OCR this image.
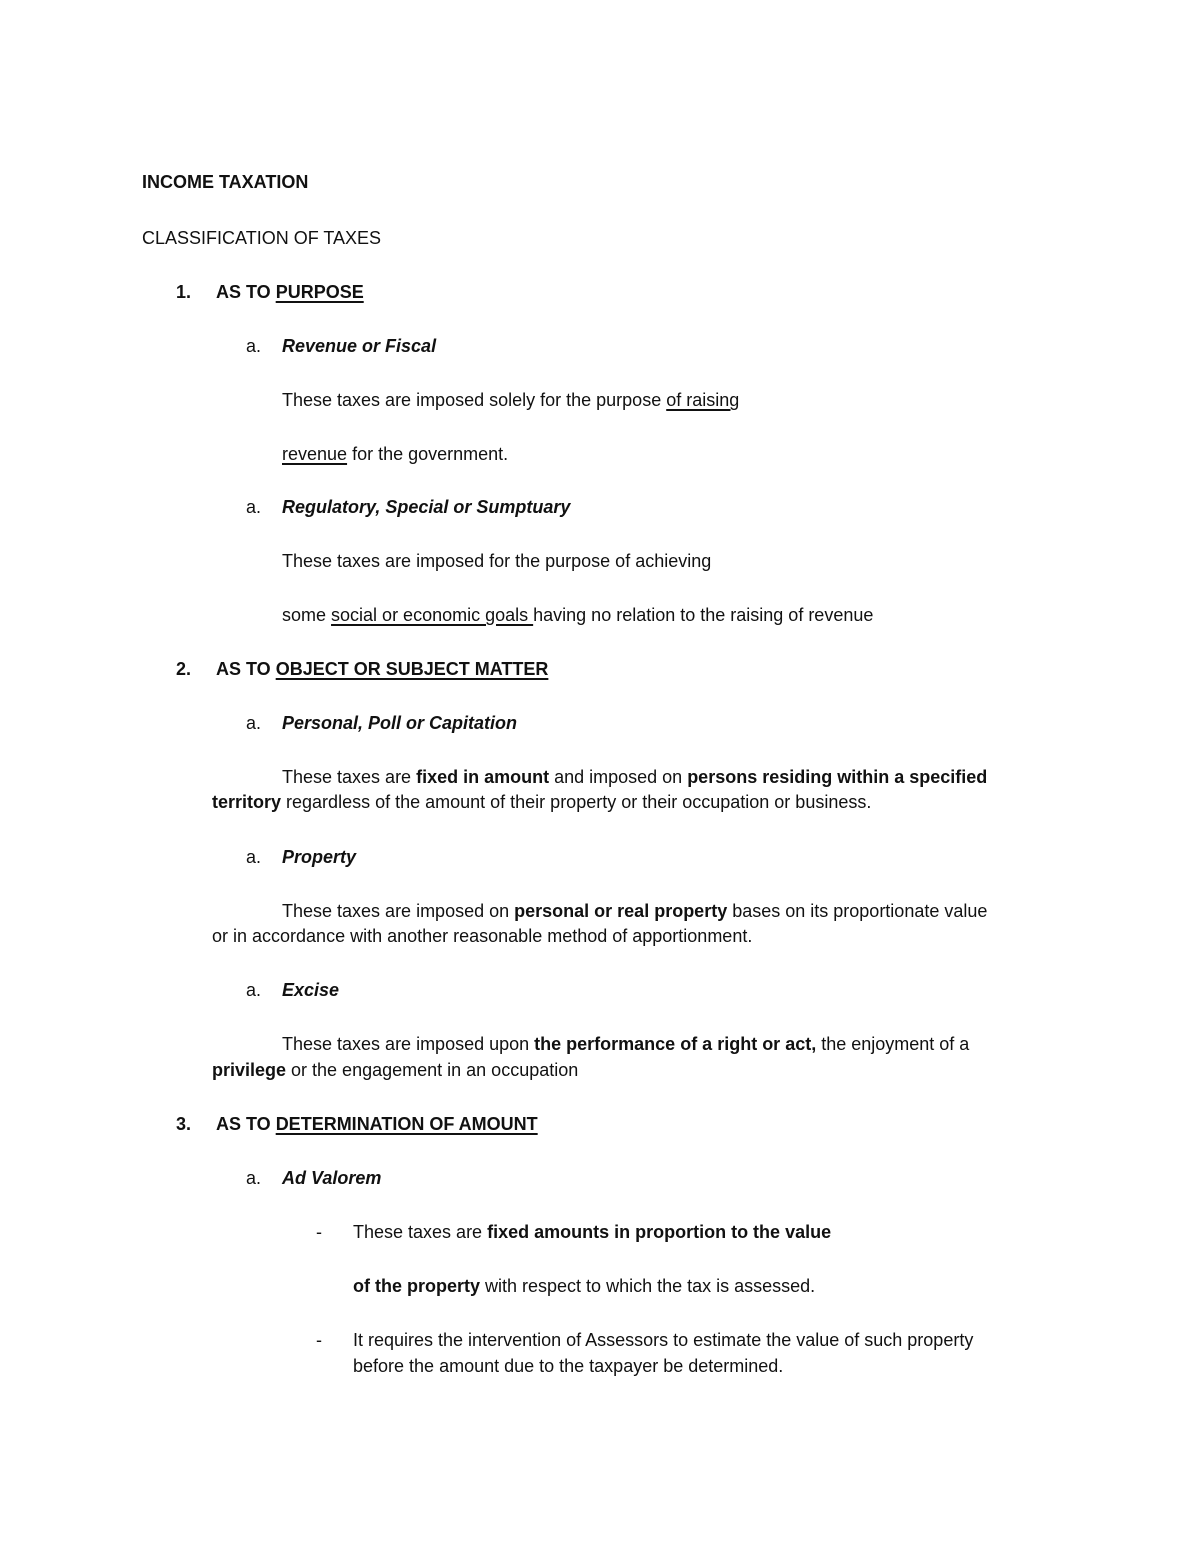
INCOME TAXATION
CLASSIFICATION OF TAXES
1. AS TO PURPOSE
a. Revenue or Fiscal
These taxes are imposed solely for the purpose of raising
revenue for the government.
a. Regulatory, Special or Sumptuary
These taxes are imposed for the purpose of achieving
some social or economic goals having no relation to the raising of revenue
2. AS TO OBJECT OR SUBJECT MATTER
a. Personal, Poll or Capitation
These taxes are fixed in amount and imposed on persons residing within a specified
territory regardless of the amount of their property or their occupation or business.
a. Property
These taxes are imposed on personal or real property bases on its proportionate value
or in accordance with another reasonable method of apportionment.
a. Excise
These taxes are imposed upon the performance of a right or act, the enjoyment of a
privilege or the engagement in an occupation
3. AS TO DETERMINATION OF AMOUNT
a. Ad Valorem
- These taxes are fixed amounts in proportion to the value
of the property with respect to which the tax is assessed.
- It requires the intervention of Assessors to estimate the value of such property
before the amount due to the taxpayer be determined.
